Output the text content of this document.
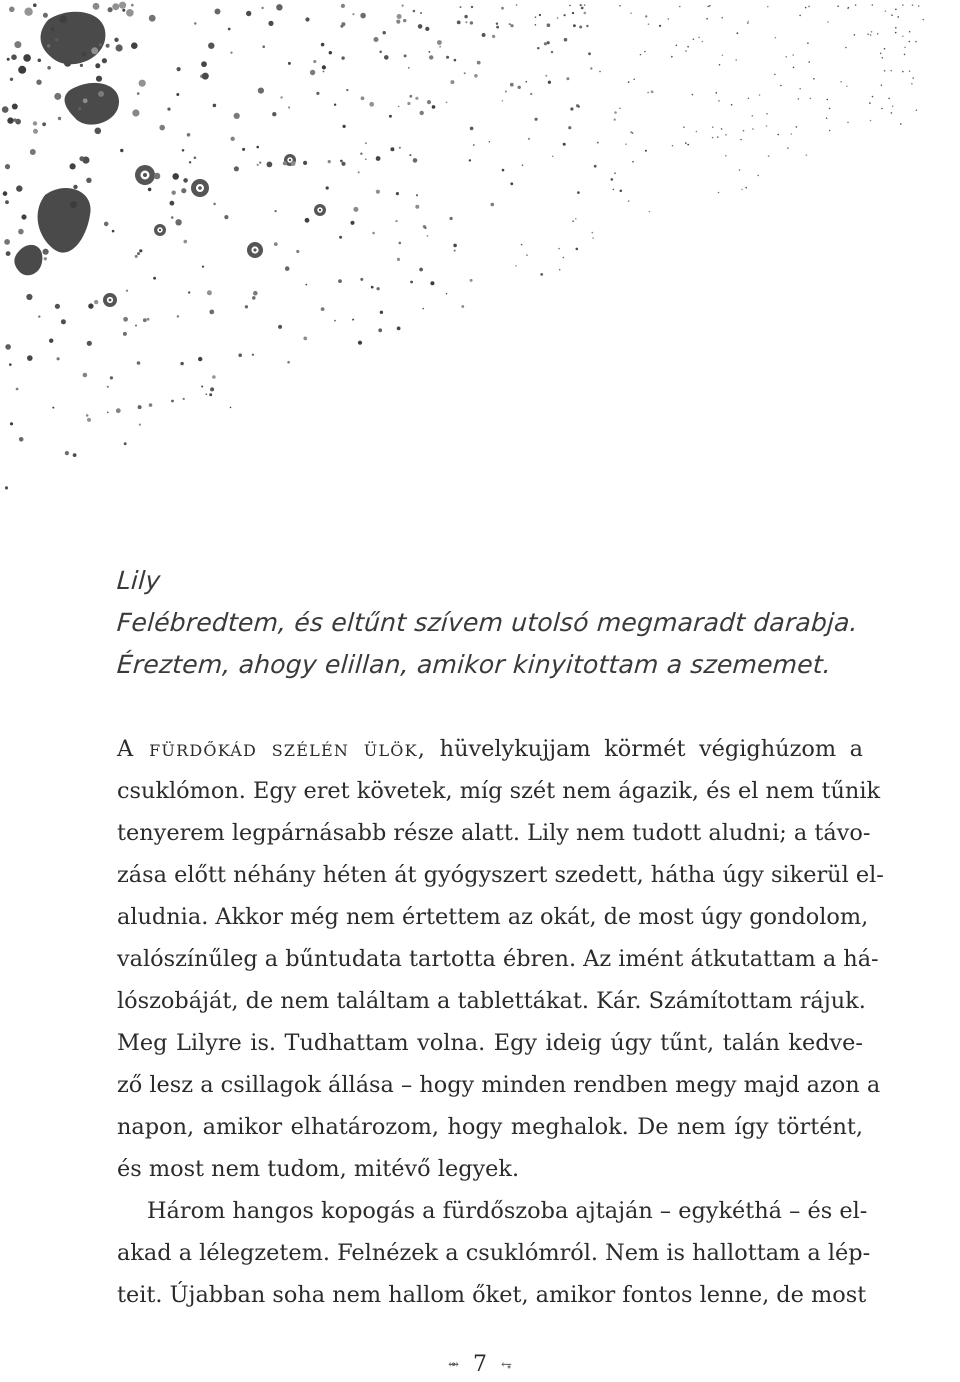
Lily
Felébredtem, és eltűnt szívem utolsó megmaradt darabja.
Éreztem, ahogy elillan, amikor kinyitottam a szememet.
A fürdőkád szélén ülök, hüvelykujjam körmét végighúzom a
csuklómon. Egy eret követek, míg szét nem ágazik, és el nem tűnik
tenyerem legpárnásabb része alatt. Lily nem tudott aludni; a távo-
zása előtt néhány héten át gyógyszert szedett, hátha úgy sikerül el-
aludnia. Akkor még nem értettem az okát, de most úgy gondolom,
valószínűleg a bűntudata tartotta ébren. Az imént átkutattam a há-
lószobáját, de nem találtam a tablettákat. Kár. Számítottam rájuk.
Meg Lilyre is. Tudhattam volna. Egy ideig úgy tűnt, talán kedve-
ző lesz a csillagok állása – hogy minden rendben megy majd azon a
napon, amikor elhatározom, hogy meghalok. De nem így történt,
és most nem tudom, mitévő legyek.
Három hangos kopogás a fürdőszoba ajtaján – egykéthá – és el-
akad a lélegzetem. Felnézek a csuklómról. Nem is hallottam a lép-
teit. Újabban soha nem hallom őket, amikor fontos lenne, de most
⥈ 7 ⥆
